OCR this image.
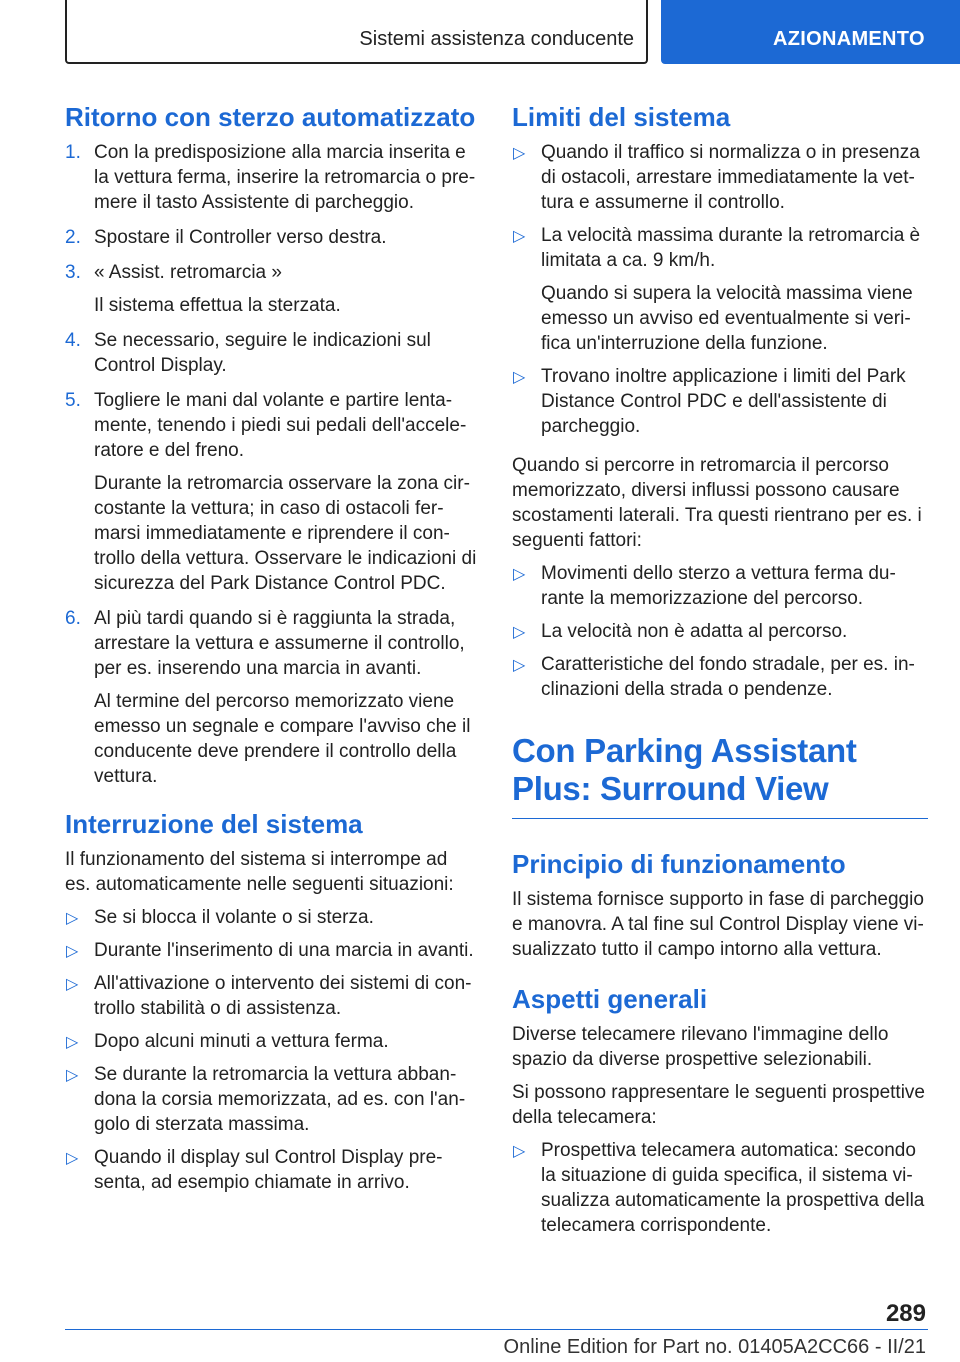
Sistemi assistenza conducente	AZIONAMENTO
Ritorno con sterzo automatizzato
1. Con la predisposizione alla marcia inserita e la vettura ferma, inserire la retromarcia o premere il tasto Assistente di parcheggio.

2. Spostare il Controller verso destra.

3. « Assist. retromarcia »

Il sistema effettua la sterzata.

4. Se necessario, seguire le indicazioni sul Control Display.

5. Togliere le mani dal volante e partire lentamente, tenendo i piedi sui pedali dell'acceleratore e del freno.

Durante la retromarcia osservare la zona circostante la vettura; in caso di ostacoli fermarsi immediatamente e riprendere il controllo della vettura. Osservare le indicazioni di sicurezza del Park Distance Control PDC.

6. Al più tardi quando si è raggiunta la strada, arrestare la vettura e assumerne il controllo, per es. inserendo una marcia in avanti.

Al termine del percorso memorizzato viene emesso un segnale e compare l'avviso che il conducente deve prendere il controllo della vettura.

Interruzione del sistema

Il funzionamento del sistema si interrompe ad es. automaticamente nelle seguenti situazioni:

▷ Se si blocca il volante o si sterza.

▷ Durante l'inserimento di una marcia in avanti.

▷ All'attivazione o intervento dei sistemi di controllo stabilità o di assistenza.

▷ Dopo alcuni minuti a vettura ferma.

▷ Se durante la retromarcia la vettura abbandona la corsia memorizzata, ad es. con l'angolo di sterzata massima.

▷ Quando il display sul Control Display presenta, ad esempio chiamate in arrivo.

Limiti del sistema
▷ Quando il traffico si normalizza o in presenza di ostacoli, arrestare immediatamente la vettura e assumerne il controllo.

▷ La velocità massima durante la retromarcia è limitata a ca. 9 km/h.

Quando si supera la velocità massima viene emesso un avviso ed eventualmente si verifica un'interruzione della funzione.

▷ Trovano inoltre applicazione i limiti del Park Distance Control PDC e dell'assistente di parcheggio.

Quando si percorre in retromarcia il percorso memorizzato, diversi influssi possono causare scostamenti laterali. Tra questi rientrano per es. i seguenti fattori:

▷ Movimenti dello sterzo a vettura ferma durante la memorizzazione del percorso.

▷ La velocità non è adatta al percorso.

▷ Caratteristiche del fondo stradale, per es. inclinazioni della strada o pendenze.

Con Parking Assistant
Plus: Surround View
Principio di funzionamento

Il sistema fornisce supporto in fase di parcheggio e manovra. A tal fine sul Control Display viene visualizzato tutto il campo intorno alla vettura.

Aspetti generali

Diverse telecamere rilevano l'immagine dello spazio da diverse prospettive selezionabili.

Si possono rappresentare le seguenti prospettive della telecamera:

▷ Prospettiva telecamera automatica: secondo la situazione di guida specifica, il sistema visualizza automaticamente la prospettiva della telecamera corrispondente.

289
Online Edition for Part no. 01405A2CC66 - II/21
